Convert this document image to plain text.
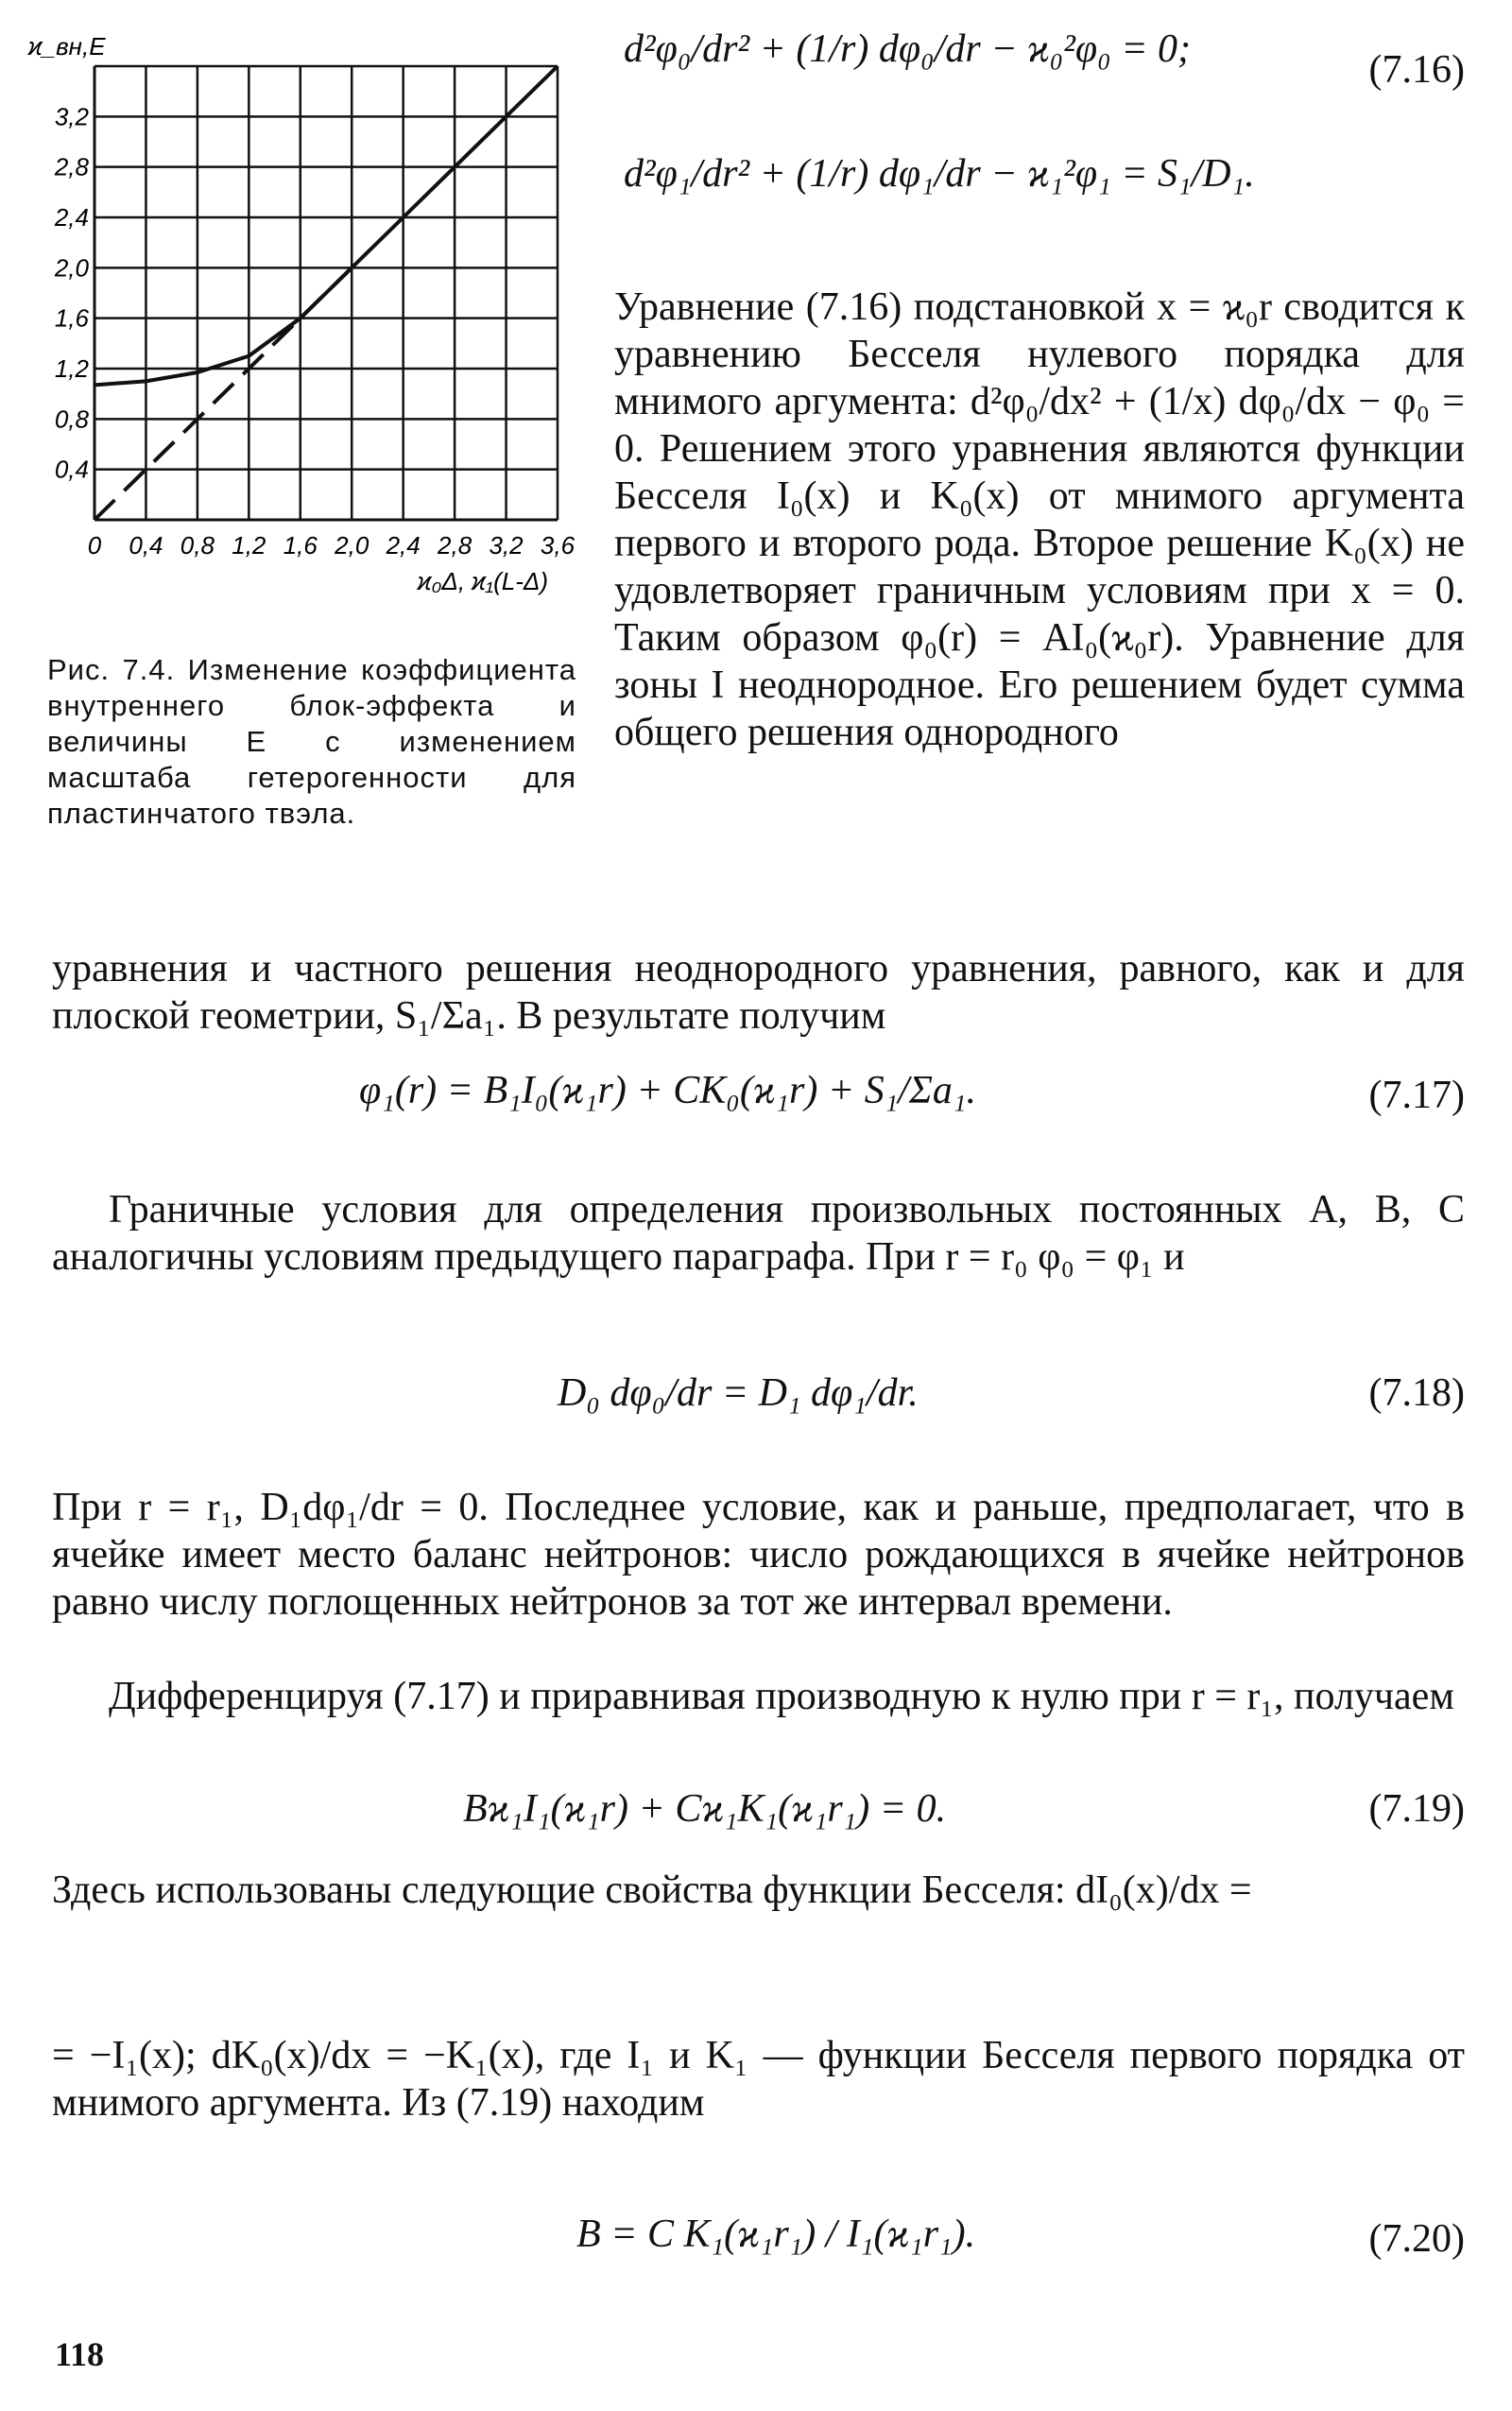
3,2
2,8
2,4
2,0
1,6
1,2
0,8
0,4
0 0,4 0,8 1,2 1,6 2,0 2,4 2,8 3,2 3,6
ϰ_вн,E
ϰ₀Δ, ϰ₁(L-Δ)
Рис. 7.4. Изменение коэффициента внутреннего блок-эффекта и величины E с изменением масштаба гетерогенности для пластинчатого твэла.
d²φ₀/dr² + (1/r) dφ₀/dr − ϰ₀²φ₀ = 0;	(7.16)
d²φ₁/dr² + (1/r) dφ₁/dr − ϰ₁²φ₁ = S₁/D₁.

Уравнение (7.16) подстановкой x = ϰ₀r сводится к уравнению Бесселя нулевого порядка для мнимого аргумента: d²φ₀/dx² + (1/x) dφ₀/dx − φ₀ = 0. Решением этого уравнения являются функции Бесселя I₀(x) и K₀(x) от мнимого аргумента первого и второго рода. Второе решение K₀(x) не удовлетворяет граничным условиям при x = 0. Таким образом φ₀(r) = AI₀(ϰ₀r). Уравнение для зоны I неоднородное. Его решением будет сумма общего решения однородного

уравнения и частного решения неоднородного уравнения, равного, как и для плоской геометрии, S₁/Σa₁. В результате получим

φ₁(r) = B₁I₀(ϰ₁r) + CK₀(ϰ₁r) + S₁/Σa₁.	(7.17)

Граничные условия для определения произвольных постоянных A, B, C аналогичны условиям предыдущего параграфа. При r = r₀ φ₀ = φ₁ и

D₀ dφ₀/dr = D₁ dφ₁/dr.	(7.18)

При r = r₁, D₁dφ₁/dr = 0. Последнее условие, как и раньше, предполагает, что в ячейке имеет место баланс нейтронов: число рождающихся в ячейке нейтронов равно числу поглощенных нейтронов за тот же интервал времени.

Дифференцируя (7.17) и приравнивая производную к нулю при r = r₁, получаем

Bϰ₁I₁(ϰ₁r) + Cϰ₁K₁(ϰ₁r₁) = 0.	(7.19)

Здесь использованы следующие свойства функции Бесселя: dI₀(x)/dx =

= −I₁(x); dK₀(x)/dx = −K₁(x), где I₁ и K₁ — функции Бесселя первого порядка от мнимого аргумента. Из (7.19) находим

B = C K₁(ϰ₁r₁) / I₁(ϰ₁r₁).	(7.20)
118
